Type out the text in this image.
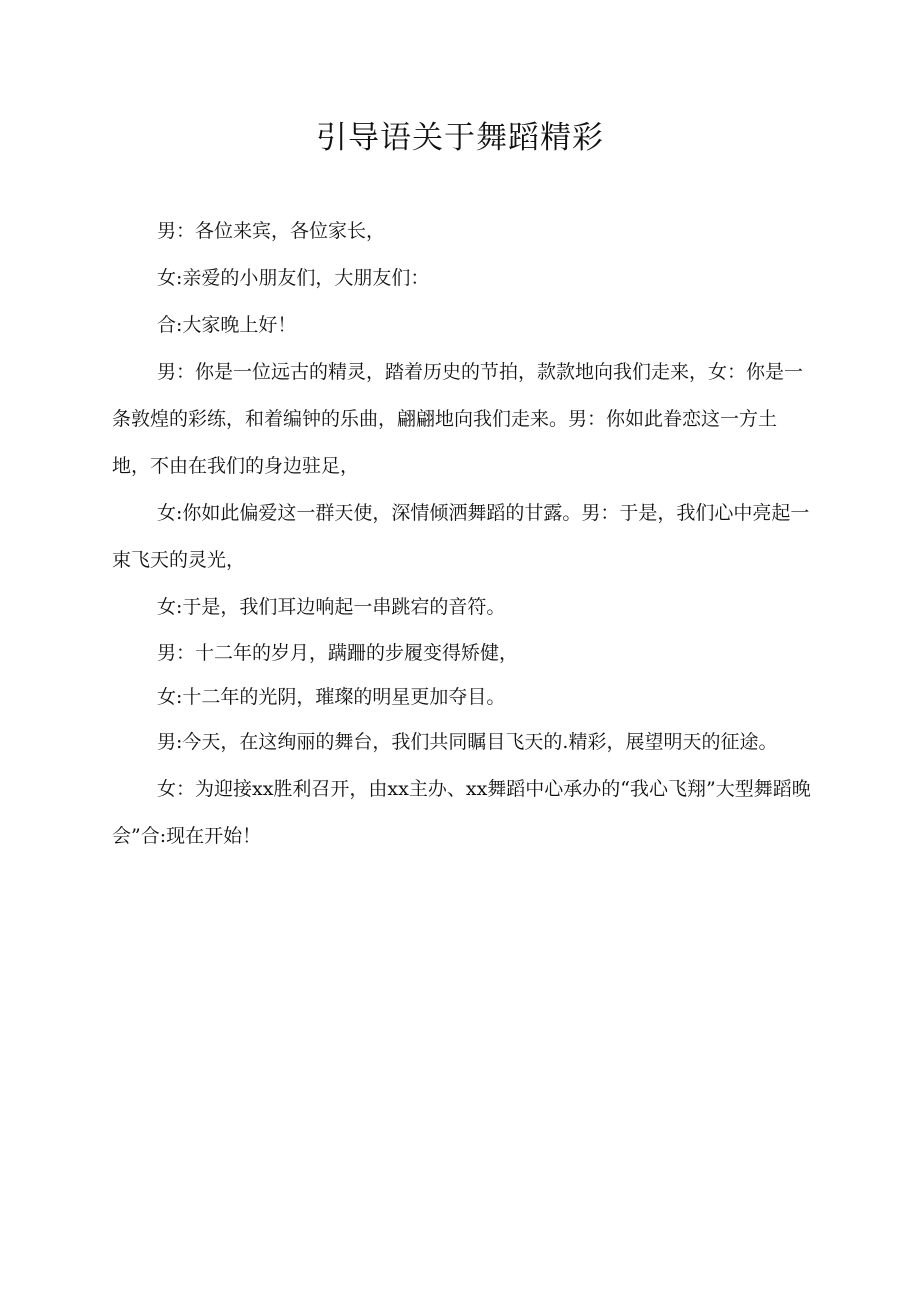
引导语关于舞蹈精彩

男：各位来宾，各位家长，

女:亲爱的小朋友们，大朋友们：

合:大家晚上好！

男：你是一位远古的精灵，踏着历史的节拍，款款地向我们走来，女：你是一条敦煌的彩练，和着编钟的乐曲，翩翩地向我们走来。男：你如此眷恋这一方土地，不由在我们的身边驻足，

女:你如此偏爱这一群天使，深情倾洒舞蹈的甘露。男：于是，我们心中亮起一束飞天的灵光，

女:于是，我们耳边响起一串跳宕的音符。

男：十二年的岁月，蹒跚的步履变得矫健，

女:十二年的光阴，璀璨的明星更加夺目。

男:今天，在这绚丽的舞台，我们共同瞩目飞天的.精彩，展望明天的征途。

女：为迎接xx胜利召开，由xx主办、xx舞蹈中心承办的“我心飞翔”大型舞蹈晚会”合:现在开始！
